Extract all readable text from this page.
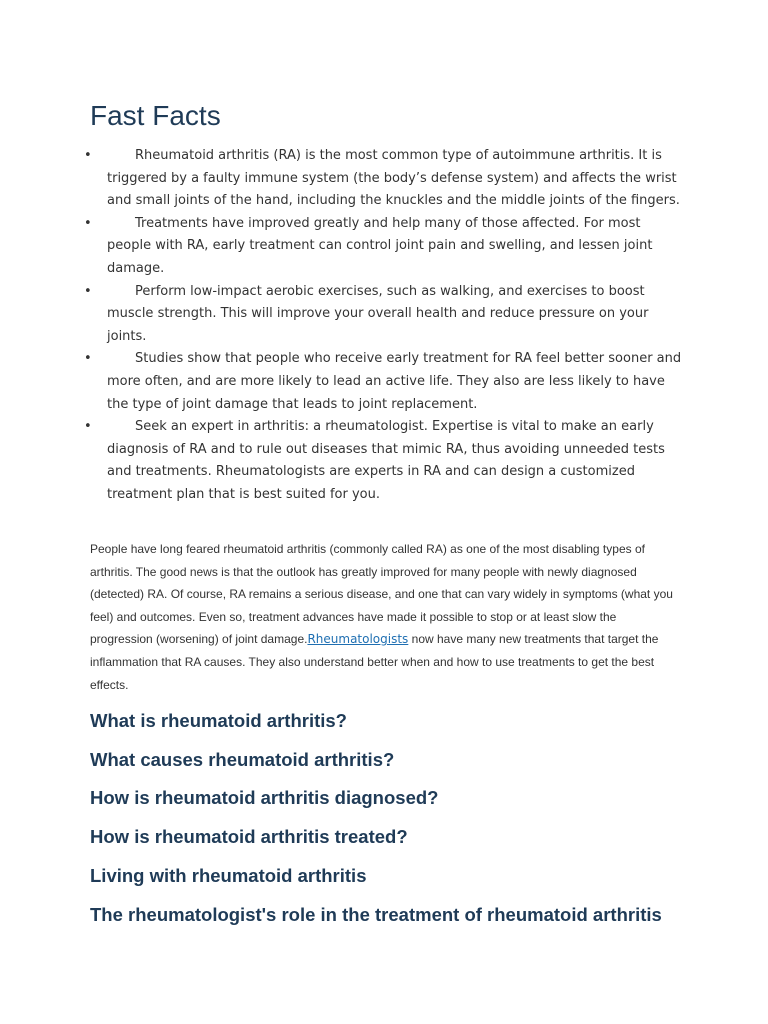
Fast Facts
•	Rheumatoid arthritis (RA) is the most common type of autoimmune arthritis. It is triggered by a faulty immune system (the body’s defense system) and affects the wrist and small joints of the hand, including the knuckles and the middle joints of the fingers.
•	Treatments have improved greatly and help many of those affected. For most people with RA, early treatment can control joint pain and swelling, and lessen joint damage.
•	Perform low-impact aerobic exercises, such as walking, and exercises to boost muscle strength. This will improve your overall health and reduce pressure on your joints.
•	Studies show that people who receive early treatment for RA feel better sooner and more often, and are more likely to lead an active life. They also are less likely to have the type of joint damage that leads to joint replacement.
•	Seek an expert in arthritis: a rheumatologist. Expertise is vital to make an early diagnosis of RA and to rule out diseases that mimic RA, thus avoiding unneeded tests and treatments. Rheumatologists are experts in RA and can design a customized treatment plan that is best suited for you.

People have long feared rheumatoid arthritis (commonly called RA) as one of the most disabling types of arthritis. The good news is that the outlook has greatly improved for many people with newly diagnosed (detected) RA. Of course, RA remains a serious disease, and one that can vary widely in symptoms (what you feel) and outcomes. Even so, treatment advances have made it possible to stop or at least slow the progression (worsening) of joint damage.Rheumatologists now have many new treatments that target the inflammation that RA causes. They also understand better when and how to use treatments to get the best effects.

What is rheumatoid arthritis?
What causes rheumatoid arthritis?
How is rheumatoid arthritis diagnosed?
How is rheumatoid arthritis treated?
Living with rheumatoid arthritis
The rheumatologist's role in the treatment of rheumatoid arthritis
